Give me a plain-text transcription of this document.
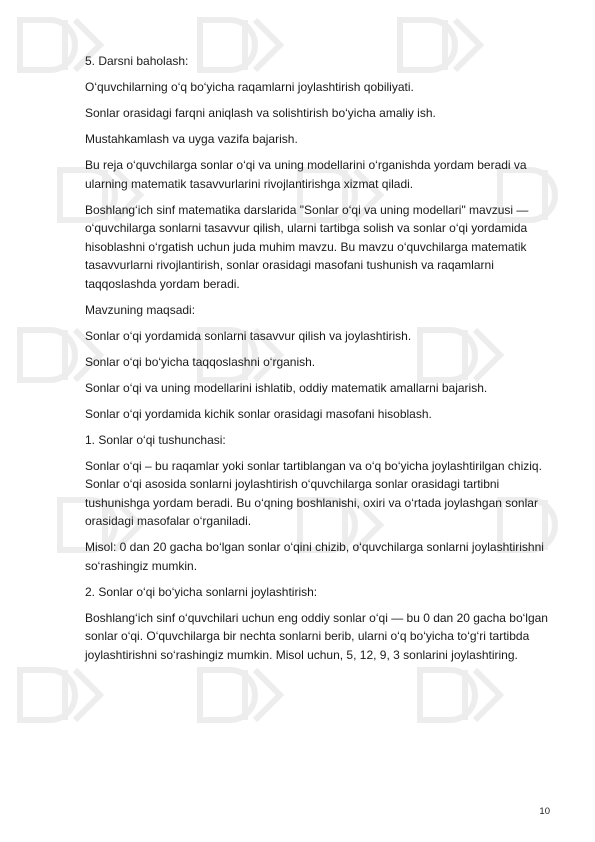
5. Darsni baholash:

O‘quvchilarning o‘q bo‘yicha raqamlarni joylashtirish qobiliyati.

Sonlar orasidagi farqni aniqlash va solishtirish bo‘yicha amaliy ish.

Mustahkamlash va uyga vazifa bajarish.

Bu reja o‘quvchilarga sonlar o‘qi va uning modellarini o‘rganishda yordam beradi va ularning matematik tasavvurlarini rivojlantirishga xizmat qiladi.

Boshlang‘ich sinf matematika darslarida "Sonlar o‘qi va uning modellari" mavzusi — o‘quvchilarga sonlarni tasavvur qilish, ularni tartibga solish va sonlar o‘qi yordamida hisoblashni o‘rgatish uchun juda muhim mavzu. Bu mavzu o‘quvchilarga matematik tasavvurlarni rivojlantirish, sonlar orasidagi masofani tushunish va raqamlarni taqqoslashda yordam beradi.

Mavzuning maqsadi:

Sonlar o‘qi yordamida sonlarni tasavvur qilish va joylashtirish.

Sonlar o‘qi bo‘yicha taqqoslashni o‘rganish.

Sonlar o‘qi va uning modellarini ishlatib, oddiy matematik amallarni bajarish.

Sonlar o‘qi yordamida kichik sonlar orasidagi masofani hisoblash.

1. Sonlar o‘qi tushunchasi:

Sonlar o‘qi – bu raqamlar yoki sonlar tartiblangan va o‘q bo‘yicha joylashtirilgan chiziq. Sonlar o‘qi asosida sonlarni joylashtirish o‘quvchilarga sonlar orasidagi tartibni tushunishga yordam beradi. Bu o‘qning boshlanishi, oxiri va o‘rtada joylashgan sonlar orasidagi masofalar o‘rganiladi.

Misol: 0 dan 20 gacha bo‘lgan sonlar o‘qini chizib, o‘quvchilarga sonlarni joylashtirishni so‘rashingiz mumkin.

2. Sonlar o‘qi bo‘yicha sonlarni joylashtirish:

Boshlang‘ich sinf o‘quvchilari uchun eng oddiy sonlar o‘qi — bu 0 dan 20 gacha bo‘lgan sonlar o‘qi. O‘quvchilarga bir nechta sonlarni berib, ularni o‘q bo‘yicha to‘g‘ri tartibda joylashtirishni so‘rashingiz mumkin. Misol uchun, 5, 12, 9, 3 sonlarini joylashtiring.

10
